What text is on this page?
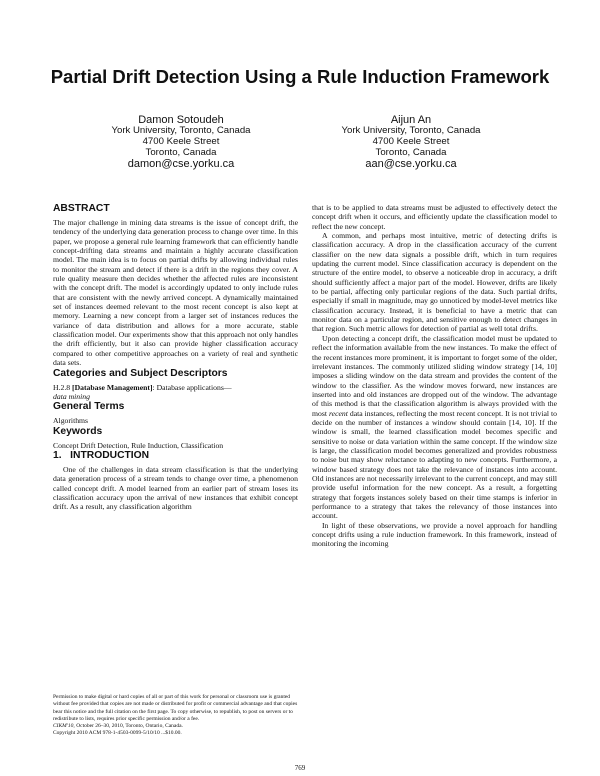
Partial Drift Detection Using a Rule Induction Framework
Damon Sotoudeh
York University, Toronto, Canada
4700 Keele Street
Toronto, Canada
damon@cse.yorku.ca
Aijun An
York University, Toronto, Canada
4700 Keele Street
Toronto, Canada
aan@cse.yorku.ca
ABSTRACT

The major challenge in mining data streams is the issue of concept drift, the tendency of the underlying data generation process to change over time. In this paper, we propose a general rule learning framework that can efficiently handle concept-drifting data streams and maintain a highly accurate classification model. The main idea is to focus on partial drifts by allowing individual rules to monitor the stream and detect if there is a drift in the regions they cover. A rule quality measure then decides whether the affected rules are inconsistent with the concept drift. The model is accordingly updated to only include rules that are consistent with the newly arrived concept. A dynamically maintained set of instances deemed relevant to the most recent concept is also kept at memory. Learning a new concept from a larger set of instances reduces the variance of data distribution and allows for a more accurate, stable classification model. Our experiments show that this approach not only handles the drift efficiently, but it also can provide higher classification accuracy compared to other competitive approaches on a variety of real and synthetic data sets.

Categories and Subject Descriptors

H.2.8 [Database Management]: Database applications—
data mining

General Terms

Algorithms

Keywords

Concept Drift Detection, Rule Induction, Classification

1.   INTRODUCTION

One of the challenges in data stream classification is that the underlying data generation process of a stream tends to change over time, a phenomenon called concept drift. A model learned from an earlier part of stream loses its classification accuracy upon the arrival of new instances that exhibit concept drift. As a result, any classification algorithm

that is to be applied to data streams must be adjusted to effectively detect the concept drift when it occurs, and efficiently update the classification model to reflect the new concept.

A common, and perhaps most intuitive, metric of detecting drifts is classification accuracy. A drop in the classification accuracy of the current classifier on the new data signals a possible drift, which in turn requires updating the current model. Since classification accuracy is dependent on the structure of the entire model, to observe a noticeable drop in accuracy, a drift should sufficiently affect a major part of the model. However, drifts are likely to be partial, affecting only particular regions of the data. Such partial drifts, especially if small in magnitude, may go unnoticed by model-level metrics like classification accuracy. Instead, it is beneficial to have a metric that can monitor data on a particular region, and sensitive enough to detect changes in that region. Such metric allows for detection of partial as well total drifts.

Upon detecting a concept drift, the classification model must be updated to reflect the information available from the new instances. To make the effect of the recent instances more prominent, it is important to forget some of the older, irrelevant instances. The commonly utilized sliding window strategy [14, 10] imposes a sliding window on the data stream and provides the content of the window to the classifier. As the window moves forward, new instances are inserted into and old instances are dropped out of the window. The advantage of this method is that the classification algorithm is always provided with the most recent data instances, reflecting the most recent concept. It is not trivial to decide on the number of instances a window should contain [14, 10]. If the window is small, the learned classification model becomes specific and sensitive to noise or data variation within the same concept. If the window size is large, the classification model becomes generalized and provides robustness to noise but may show reluctance to adapting to new concepts. Furthermore, a window based strategy does not take the relevance of instances into account. Old instances are not necessarily irrelevant to the current concept, and may still provide useful information for the new concept. As a result, a forgetting strategy that forgets instances solely based on their time stamps is inferior in performance to a strategy that takes the relevancy of those instances into account.

In light of these observations, we provide a novel approach for handling concept drifts using a rule induction framework. In this framework, instead of monitoring the incoming

Permission to make digital or hard copies of all or part of this work for personal or classroom use is granted without fee provided that copies are not made or distributed for profit or commercial advantage and that copies bear this notice and the full citation on the first page. To copy otherwise, to republish, to post on servers or to redistribute to lists, requires prior specific permission and/or a fee.
CIKM'10, October 26–30, 2010, Toronto, Ontario, Canada.
Copyright 2010 ACM 978-1-4503-0099-5/10/10 ...$10.00.
769
